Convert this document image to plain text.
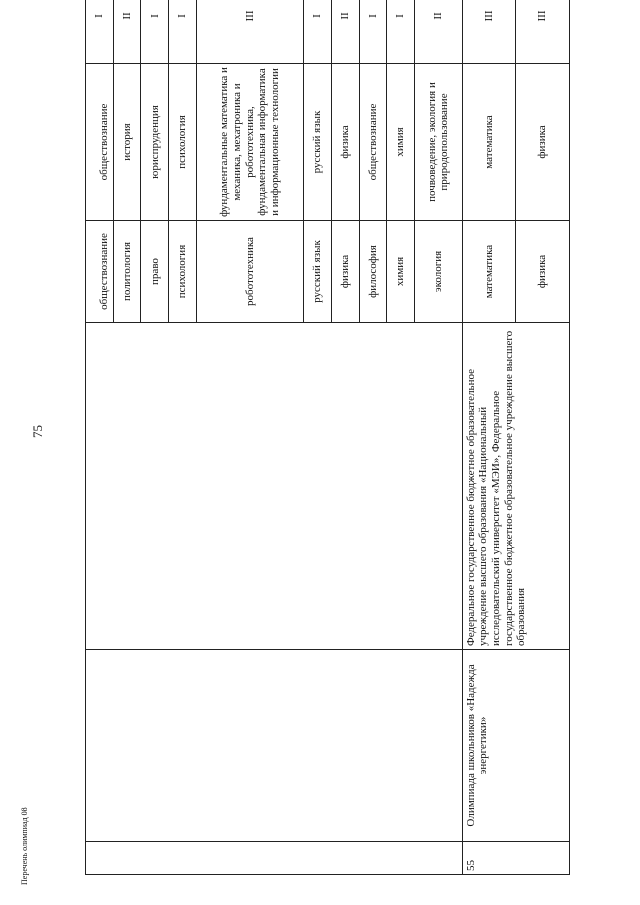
75
Перечень олимпиад 08
			обществознание	обществознание	I
			политология	история	II
			право	юриспруденция	I
			психология	психология	I
			робототехника	фундаментальные математика и механика, мехатроника и робототехника, фундаментальная информатика и информационные технологии	III
			русский язык	русский язык	I
			физика	физика	II
			философия	обществознание	I
			химия	химия	I
			экология	почвоведение, экология и природопользование	II
55	Олимпиада школьников «Надежда энергетики»	Федеральное государственное бюджетное образовательное учреждение высшего образования «Национальный исследовательский университет «МЭИ», Федеральное государственное бюджетное образовательное учреждение высшего образования	математика	математика	III
			физика	физика	III
